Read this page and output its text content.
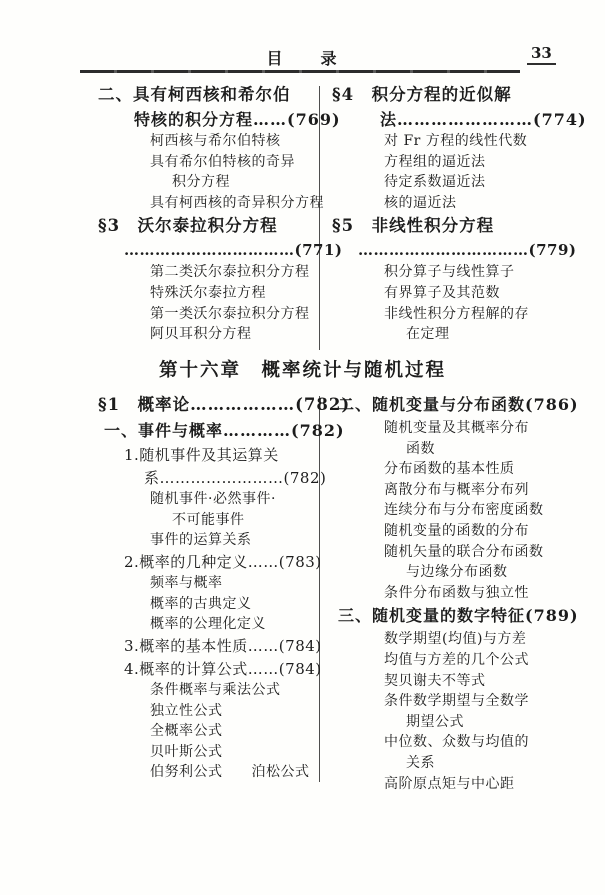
目　　录	33
二、具有柯西核和希尔伯
特核的积分方程……(769)
柯西核与希尔伯特核
具有希尔伯特核的奇异
积分方程
具有柯西核的奇异积分方程
§3　沃尔泰拉积分方程
……………………………(771)
第二类沃尔泰拉积分方程
特殊沃尔泰拉方程
第一类沃尔泰拉积分方程
阿贝耳积分方程
§4　积分方程的近似解
法……………………(774)
对 Fr 方程的线性代数
方程组的逼近法
待定系数逼近法
核的逼近法
§5　非线性积分方程
……………………………(779)
积分算子与线性算子
有界算子及其范数
非线性积分方程解的存
在定理
第十六章　概率统计与随机过程
§1　概率论………………(782)
一、事件与概率…………(782)
1.随机事件及其运算关
系……………………(782)
随机事件·必然事件·
不可能事件
事件的运算关系
2.概率的几种定义……(783)
频率与概率
概率的古典定义
概率的公理化定义
3.概率的基本性质……(784)
4.概率的计算公式……(784)
条件概率与乘法公式
独立性公式
全概率公式
贝叶斯公式
伯努利公式　　泊松公式
二、随机变量与分布函数(786)
随机变量及其概率分布
函数
分布函数的基本性质
离散分布与概率分布列
连续分布与分布密度函数
随机变量的函数的分布
随机矢量的联合分布函数
与边缘分布函数
条件分布函数与独立性
三、随机变量的数字特征(789)
数学期望(均值)与方差
均值与方差的几个公式
契贝谢夫不等式
条件数学期望与全数学
期望公式
中位数、众数与均值的
关系
高阶原点矩与中心距
